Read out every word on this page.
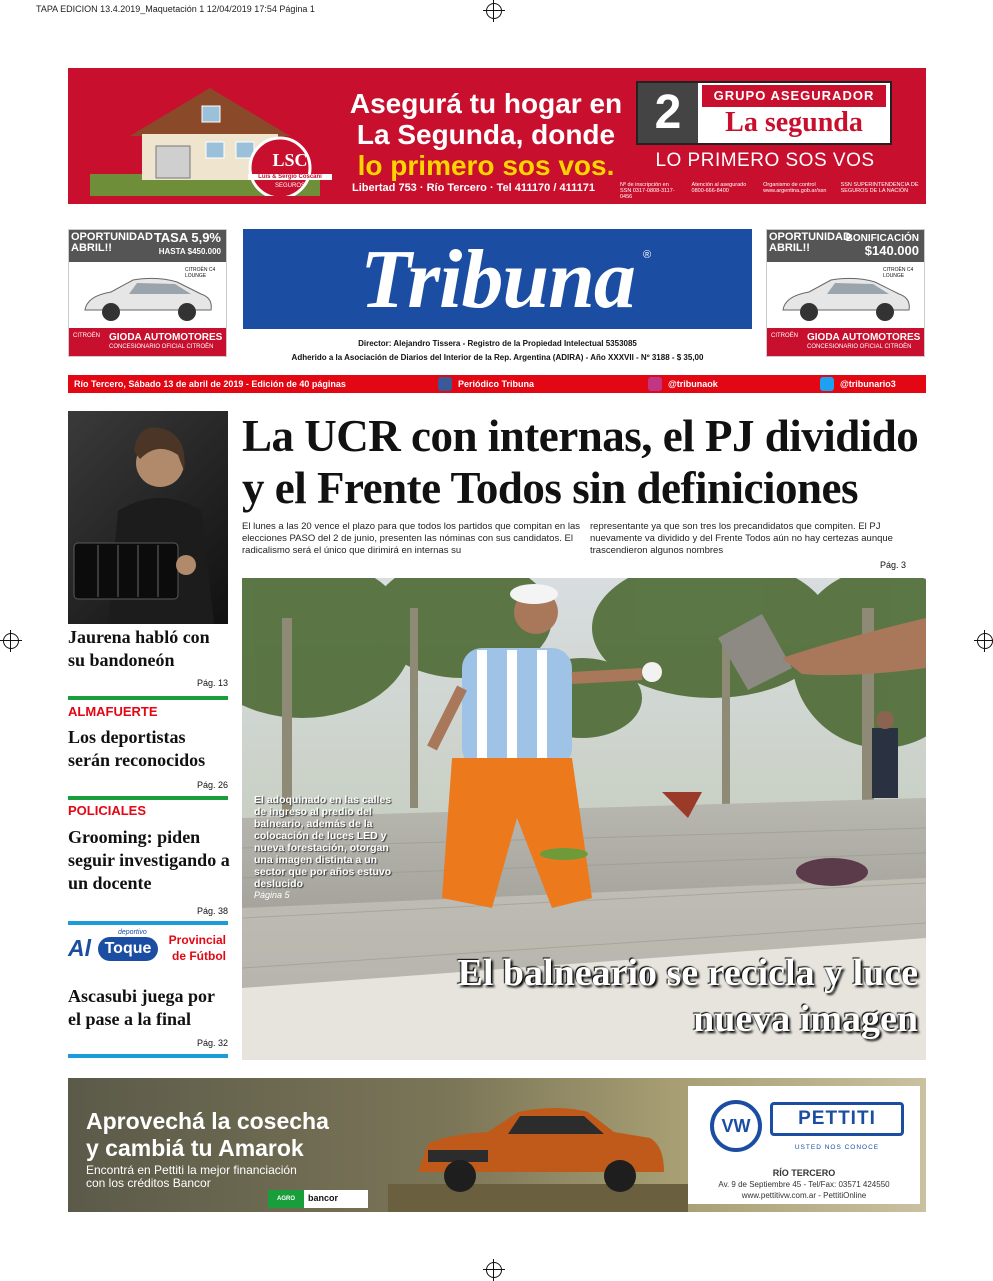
TAPA EDICION 13.4.2019_Maquetación 1 12/04/2019 17:54 Página 1
LSC
Luis & Sergio Coscani
SEGUROS
Asegurá tu hogar en
La Segunda, donde
lo primero sos vos.
Libertad 753 · Río Tercero · Tel 411170 / 411171
2	GRUPO ASEGURADOR
La segunda
LO PRIMERO SOS VOS
Nº de inscripción en SSN 0317-0808-3117-0456
Atención al asegurado 0800-666-8400
Organismo de control www.argentina.gob.ar/ssn
SSN SUPERINTENDENCIA DE SEGUROS DE LA NACIÓN
OPORTUNIDAD ABRIL!!
TASA 5,9%
HASTA $450.000
CITROËN C4 LOUNGE
CITROËN GIODA AUTOMOTORES
CONCESIONARIO OFICIAL CITROËN
OPORTUNIDAD ABRIL!!
BONIFICACIÓN
$140.000
CITROËN C4 LOUNGE
CITROËN GIODA AUTOMOTORES
CONCESIONARIO OFICIAL CITROËN
Tribuna ®
Director: Alejandro Tissera - Registro de la Propiedad Intelectual 5353085
Adherido a la Asociación de Diarios del Interior de la Rep. Argentina (ADIRA) - Año XXXVII - Nº 3188 - $ 35,00
Río Tercero, Sábado 13 de abril de 2019 - Edición de 40 páginas	Periódico Tribuna	@tribunaok	@tribunario3
Jaurena habló con su bandoneón
Pág. 13
ALMAFUERTE
Los deportistas serán reconocidos
Pág. 26
POLICIALES
Grooming: piden seguir investigando a un docente
Pág. 38
Al Toque
deportivo
Provincial de Fútbol
Ascasubi juega por el pase a la final
Pág. 32
La UCR con internas, el PJ dividido y el Frente Todos sin definiciones
El lunes a las 20 vence el plazo para que todos los partidos que compitan en las elecciones PASO del 2 de junio, presenten las nóminas con sus candidatos. El radicalismo será el único que dirimirá en internas su
representante ya que son tres los precandidatos que compiten. El PJ nuevamente va dividido y del Frente Todos aún no hay certezas aunque trascendieron algunos nombres
Pág. 3
El adoquinado en las calles de ingreso al predio del balneario, además de la colocación de luces LED y nueva forestación, otorgan una imagen distinta a un sector que por años estuvo deslucido
Página 5
El balneario se recicla y luce nueva imagen
Aprovechá la cosecha
y cambiá tu Amarok
Encontrá en Pettiti la mejor financiación
con los créditos Bancor
AGRO	bancor
VW	PETTITI
USTED NOS CONOCE
RÍO TERCERO
Av. 9 de Septiembre 45 - Tel/Fax: 03571 424550
www.pettitivw.com.ar - PettitiOnline
